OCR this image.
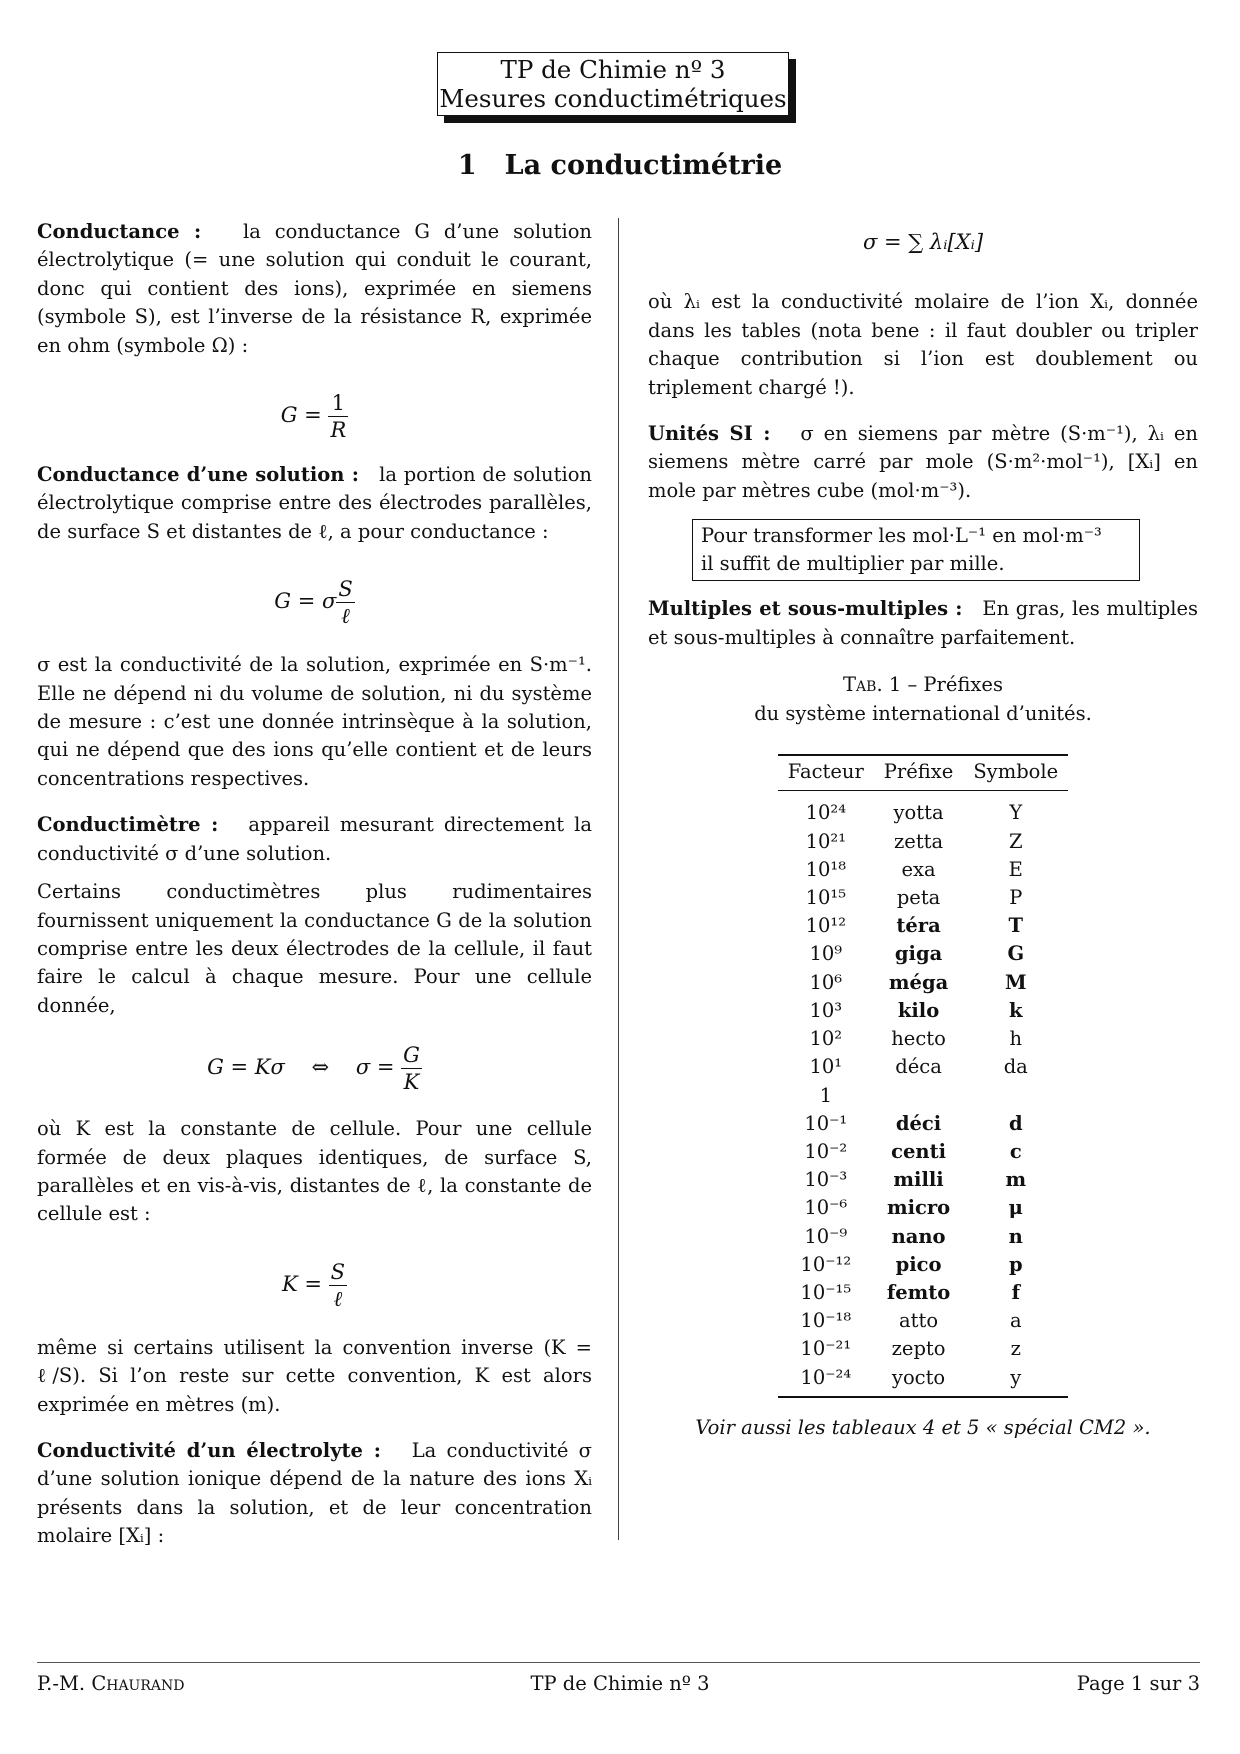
TP de Chimie nº 3
Mesures conductimétriques
1 La conductimétrie

Conductance : la conductance G d’une solution électrolytique (= une solution qui conduit le courant, donc qui contient des ions), exprimée en siemens (symbole S), est l’inverse de la résistance R, exprimée en ohm (symbole Ω) :

$G = \frac{1}{R}$

Conductance d’une solution : la portion de solution électrolytique comprise entre des électrodes parallèles, de surface S et distantes de ℓ, a pour conductance :

G = σ $\frac{S}{\text{ℓ}}$

σ est la conductivité de la solution, exprimée en S·m⁻¹. Elle ne dépend ni du volume de solution, ni du système de mesure : c’est une donnée intrinsèque à la solution, qui ne dépend que des ions qu’elle contient et de leurs concentrations respectives.

Conductimètre : appareil mesurant directement la conductivité σ d’une solution.

Certains conductimètres plus rudimentaires fournissent uniquement la conductance G de la solution comprise entre les deux électrodes de la cellule, il faut faire le calcul à chaque mesure. Pour une cellule donnée,

G = Kσ ⇔ $\sigma = \frac{G}{K}$

où K est la constante de cellule. Pour une cellule formée de deux plaques identiques, de surface S, parallèles et en vis-à-vis, distantes de ℓ, la constante de cellule est :

$K = \frac{S}{\text{ℓ}}$

même si certains utilisent la convention inverse (K = ℓ/S). Si l’on reste sur cette convention, K est alors exprimée en mètres (m).

Conductivité d’un électrolyte : La conductivité σ d’une solution ionique dépend de la nature des ions Xᵢ présents dans la solution, et de leur concentration molaire [Xᵢ] :

σ = ∑ λᵢ[Xᵢ]

où λᵢ est la conductivité molaire de l’ion Xᵢ, donnée dans les tables (nota bene : il faut doubler ou tripler chaque contribution si l’ion est doublement ou triplement chargé !).

Unités SI : σ en siemens par mètre (S·m⁻¹), λᵢ en siemens mètre carré par mole (S·m²·mol⁻¹), [Xᵢ] en mole par mètres cube (mol·m⁻³).

Pour transformer les mol·L⁻¹ en mol·m⁻³
il suffit de multiplier par mille.

Multiples et sous-multiples : En gras, les multiples et sous-multiples à connaître parfaitement.

Tab. 1 – Préfixes
du système international d’unités.
Facteur	Préfixe	Symbole
10²⁴	yotta	Y
10²¹	zetta	Z
10¹⁸	exa	E
10¹⁵	peta	P
10¹²	téra	T
10⁹	giga	G
10⁶	méga	M
10³	kilo	k
10²	hecto	h
10¹	déca	da
1		
10⁻¹	déci	d
10⁻²	centi	c
10⁻³	milli	m
10⁻⁶	micro	μ
10⁻⁹	nano	n
10⁻¹²	pico	p
10⁻¹⁵	femto	f
10⁻¹⁸	atto	a
10⁻²¹	zepto	z
10⁻²⁴	yocto	y
Voir aussi les tableaux 4 et 5 « spécial CM2 ».
P.-M. Chaurand	TP de Chimie nº 3	Page 1 sur 3
